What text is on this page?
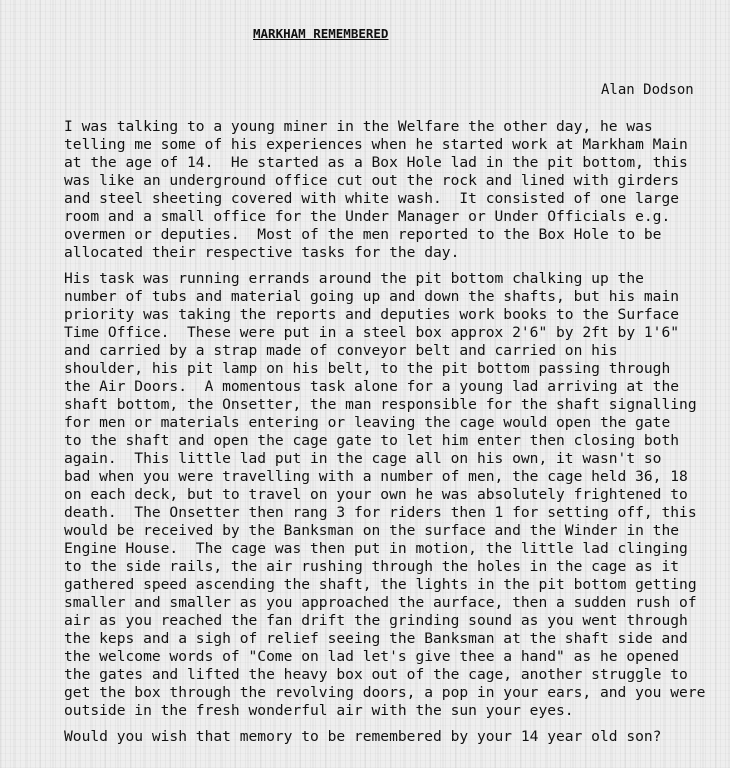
MARKHAM REMEMBERED
Alan Dodson
I was talking to a young miner in the Welfare the other day, he was
telling me some of his experiences when he started work at Markham Main
at the age of 14.  He started as a Box Hole lad in the pit bottom, this
was like an underground office cut out the rock and lined with girders
and steel sheeting covered with white wash.  It consisted of one large
room and a small office for the Under Manager or Under Officials e.g.
overmen or deputies.  Most of the men reported to the Box Hole to be
allocated their respective tasks for the day.
His task was running errands around the pit bottom chalking up the
number of tubs and material going up and down the shafts, but his main
priority was taking the reports and deputies work books to the Surface
Time Office.  These were put in a steel box approx 2'6" by 2ft by 1'6"
and carried by a strap made of conveyor belt and carried on his
shoulder, his pit lamp on his belt, to the pit bottom passing through
the Air Doors.  A momentous task alone for a young lad arriving at the
shaft bottom, the Onsetter, the man responsible for the shaft signalling
for men or materials entering or leaving the cage would open the gate
to the shaft and open the cage gate to let him enter then closing both
again.  This little lad put in the cage all on his own, it wasn't so
bad when you were travelling with a number of men, the cage held 36, 18
on each deck, but to travel on your own he was absolutely frightened to
death.  The Onsetter then rang 3 for riders then 1 for setting off, this
would be received by the Banksman on the surface and the Winder in the
Engine House.  The cage was then put in motion, the little lad clinging
to the side rails, the air rushing through the holes in the cage as it
gathered speed ascending the shaft, the lights in the pit bottom getting
smaller and smaller as you approached the aurface, then a sudden rush of
air as you reached the fan drift the grinding sound as you went through
the keps and a sigh of relief seeing the Banksman at the shaft side and
the welcome words of "Come on lad let's give thee a hand" as he opened
the gates and lifted the heavy box out of the cage, another struggle to
get the box through the revolving doors, a pop in your ears, and you were
outside in the fresh wonderful air with the sun your eyes.
Would you wish that memory to be remembered by your 14 year old son?
